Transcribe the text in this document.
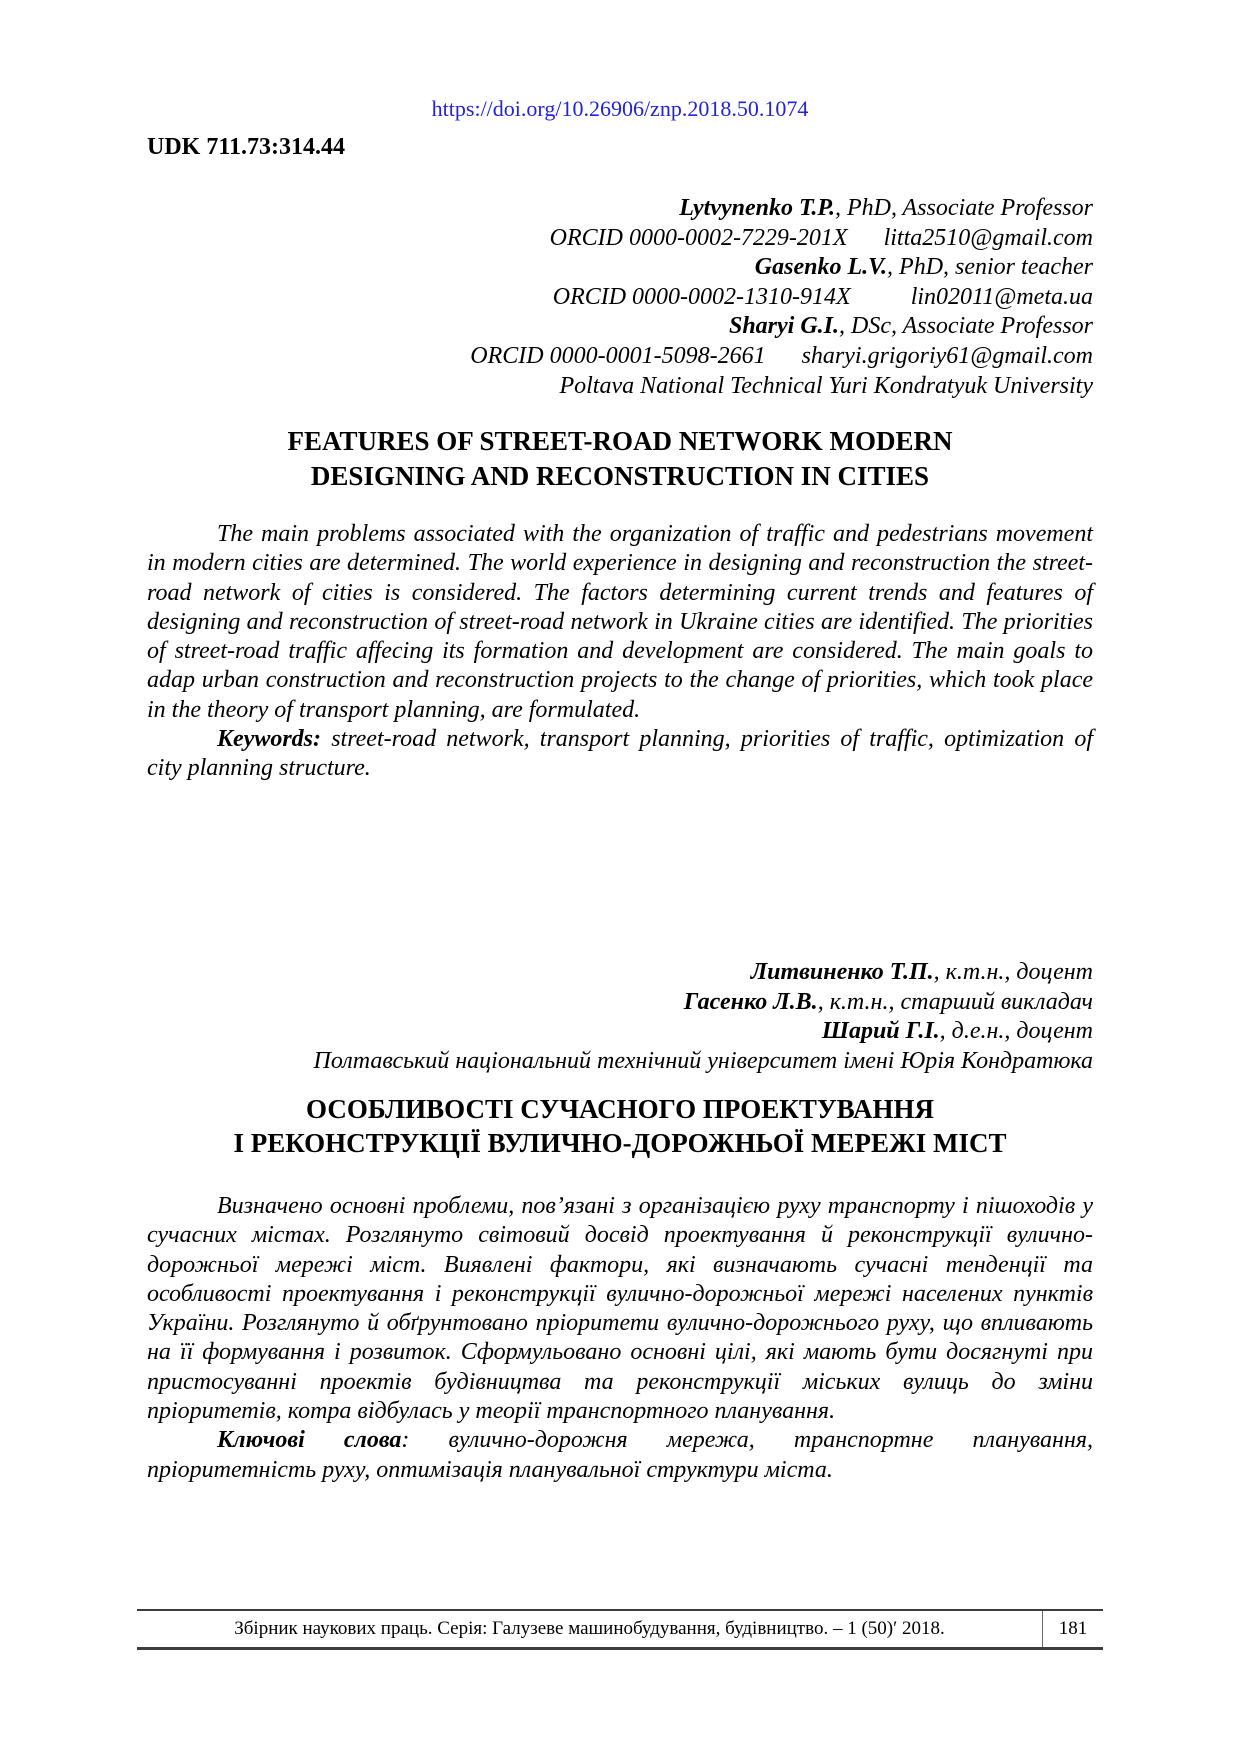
https://doi.org/10.26906/znp.2018.50.1074
UDK 711.73:314.44
Lytvynenko T.P., PhD, Associate Professor
ORCID 0000-0002-7229-201X litta2510@gmail.com
Gasenko L.V., PhD, senior teacher
ORCID 0000-0002-1310-914X	lin02011@meta.ua
Sharyi G.I., DSc, Associate Professor
ORCID 0000-0001-5098-2661 sharyi.grigoriy61@gmail.com
Poltava National Technical Yuri Kondratyuk University
FEATURES OF STREET-ROAD NETWORK MODERN
DESIGNING AND RECONSTRUCTION IN CITIES

The main problems associated with the organization of traffic and pedestrians movement in modern cities are determined. The world experience in designing and reconstruction the street-road network of cities is considered. The factors determining current trends and features of designing and reconstruction of street-road network in Ukraine cities are identified. The priorities of street-road traffic affecing its formation and development are considered. The main goals to adap urban construction and reconstruction projects to the change of priorities, which took place in the theory of transport planning, are formulated.

Keywords: street-road network, transport planning, priorities of traffic, optimization of city planning structure.

Литвиненко Т.П., к.т.н., доцент
Гасенко Л.В., к.т.н., старший викладач
Шарий Г.І., д.е.н., доцент
Полтавський національний технічний університет імені Юрія Кондратюка
ОСОБЛИВОСТІ СУЧАСНОГО ПРОЕКТУВАННЯ
І РЕКОНСТРУКЦІЇ ВУЛИЧНО-ДОРОЖНЬОЇ МЕРЕЖІ МІСТ

Визначено основні проблеми, пов’язані з організацією руху транспорту і пішоходів у сучасних містах. Розглянуто світовий досвід проектування й реконструкції вулично-дорожньої мережі міст. Виявлені фактори, які визначають сучасні тенденції та особливості проектування і реконструкції вулично-дорожньої мережі населених пунктів України. Розглянуто й обґрунтовано пріоритети вулично-дорожнього руху, що впливають на її формування і розвиток. Сформульовано основні цілі, які мають бути досягнуті при пристосуванні проектів будівництва та реконструкції міських вулиць до зміни пріоритетів, котра відбулась у теорії транспортного планування.

Ключові слова: вулично-дорожня мережа, транспортне планування, пріоритетність руху, оптимізація планувальної структури міста.

Збірник наукових праць. Серія: Галузеве машинобудування, будівництво. – 1 (50)′ 2018.	181
